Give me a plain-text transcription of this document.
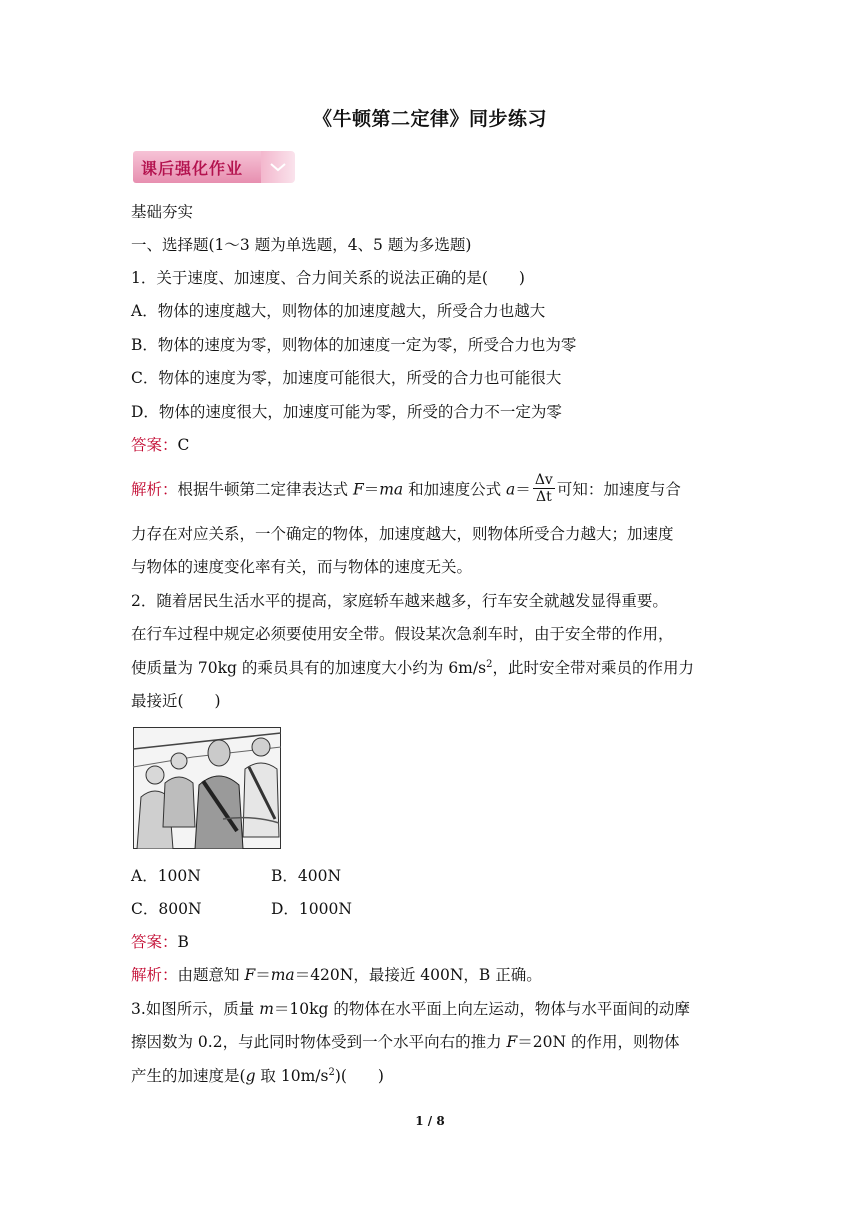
《牛顿第二定律》同步练习
课后强化作业
基础夯实
一、选择题(1～3 题为单选题，4、5 题为多选题)
1．关于速度、加速度、合力间关系的说法正确的是(　　)
A．物体的速度越大，则物体的加速度越大，所受合力也越大
B．物体的速度为零，则物体的加速度一定为零，所受合力也为零
C．物体的速度为零，加速度可能很大，所受的合力也可能很大
D．物体的速度很大，加速度可能为零，所受的合力不一定为零
答案：C
解析：根据牛顿第二定律表达式 F＝ma 和加速度公式 $a= \frac{\Delta v}{\Delta t}$ 可知：加速度与合
力存在对应关系，一个确定的物体，加速度越大，则物体所受合力越大；加速度
与物体的速度变化率有关，而与物体的速度无关。
2．随着居民生活水平的提高，家庭轿车越来越多，行车安全就越发显得重要。
在行车过程中规定必须要使用安全带。假设某次急刹车时，由于安全带的作用，
使质量为 70kg 的乘员具有的加速度大小约为 $6m/s^2$，此时安全带对乘员的作用力
最接近(　　)
A．100N	B．400N
C．800N	D．1000N
答案：B
解析：由题意知 F＝ma＝420N，最接近 400N，B 正确。
3.如图所示，质量 m＝10kg 的物体在水平面上向左运动，物体与水平面间的动摩
擦因数为 0.2，与此同时物体受到一个水平向右的推力 F＝20N 的作用，则物体
产生的加速度是(g 取 $10m/s^2$)(　　)
1 / 8
